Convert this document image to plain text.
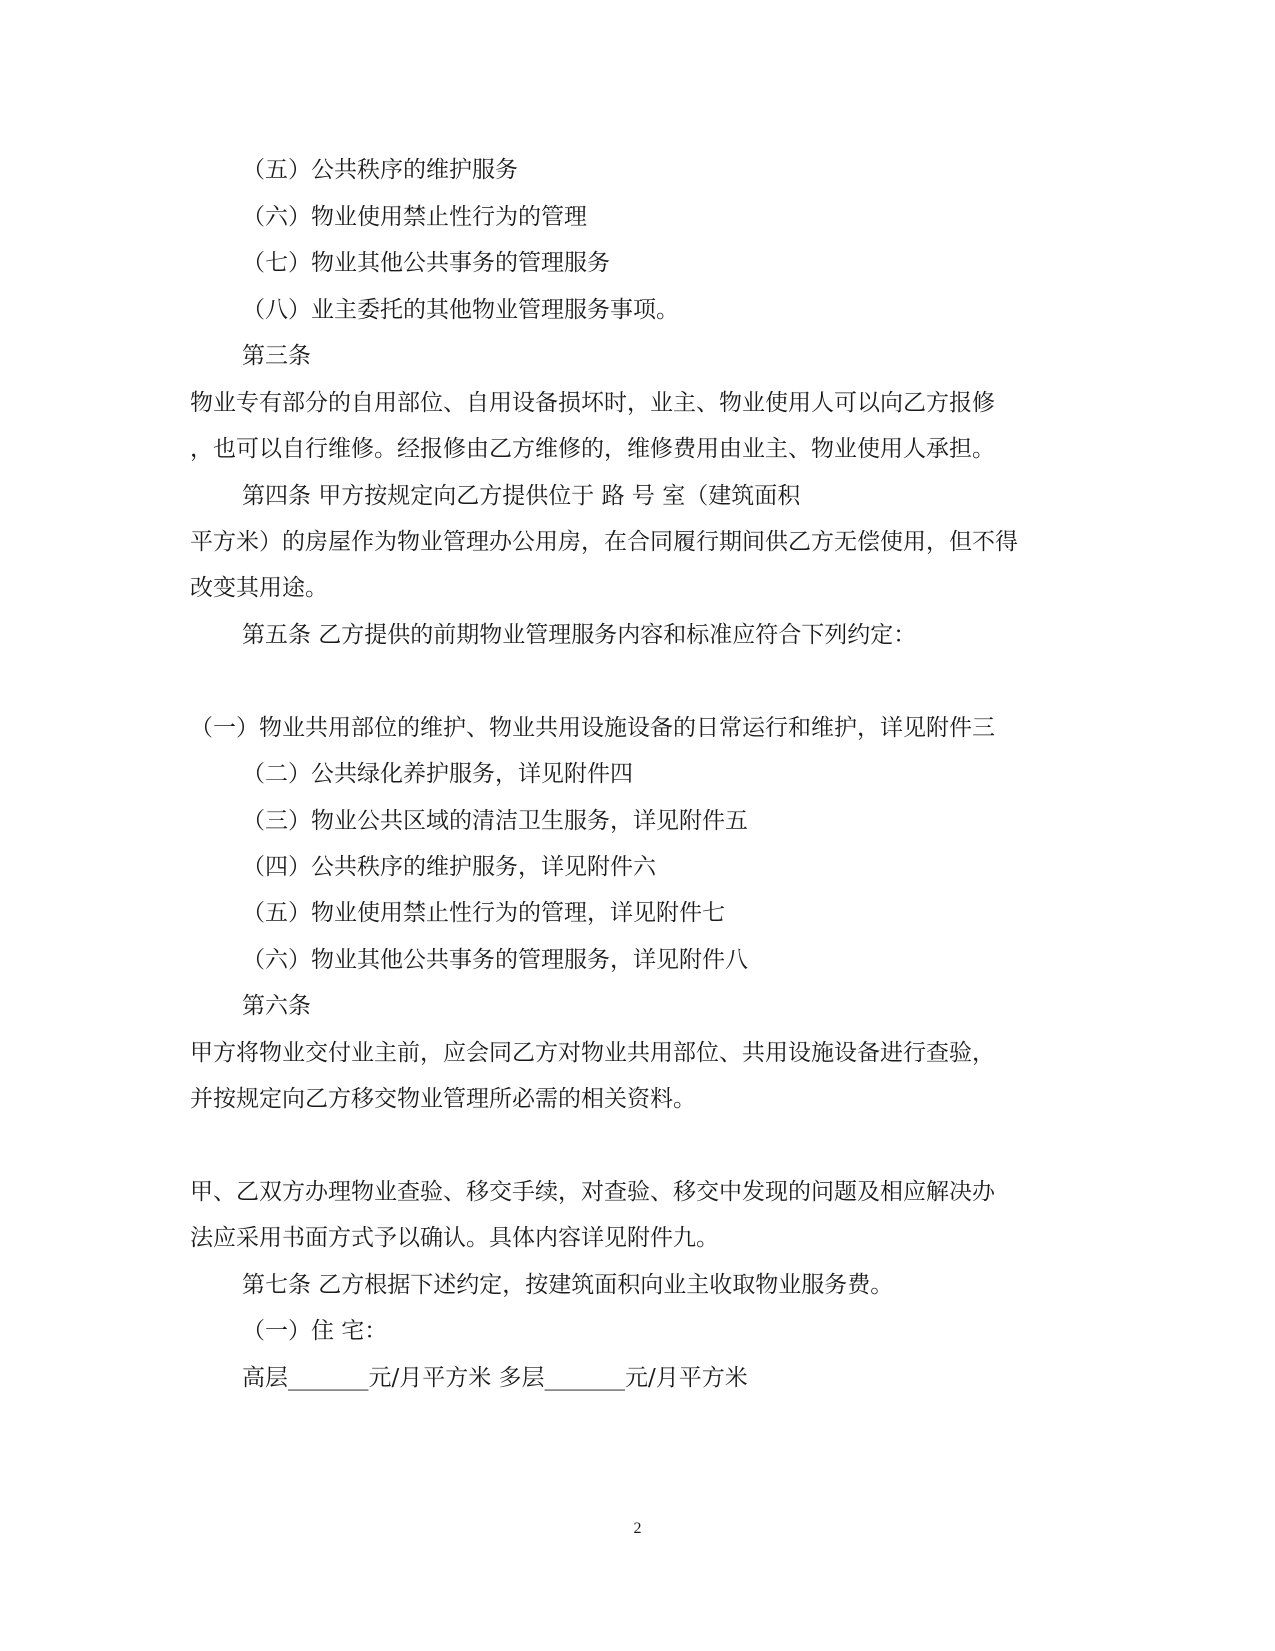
（五）公共秩序的维护服务
（六）物业使用禁止性行为的管理
（七）物业其他公共事务的管理服务
（八）业主委托的其他物业管理服务事项。
第三条
物业专有部分的自用部位、自用设备损坏时，业主、物业使用人可以向乙方报修
，也可以自行维修。经报修由乙方维修的，维修费用由业主、物业使用人承担。
第四条 甲方按规定向乙方提供位于 路 号 室（建筑面积
平方米）的房屋作为物业管理办公用房，在合同履行期间供乙方无偿使用，但不得
改变其用途。
第五条 乙方提供的前期物业管理服务内容和标准应符合下列约定：
（一）物业共用部位的维护、物业共用设施设备的日常运行和维护，详见附件三
（二）公共绿化养护服务，详见附件四
（三）物业公共区域的清洁卫生服务，详见附件五
（四）公共秩序的维护服务，详见附件六
（五）物业使用禁止性行为的管理，详见附件七
（六）物业其他公共事务的管理服务，详见附件八
第六条
甲方将物业交付业主前，应会同乙方对物业共用部位、共用设施设备进行查验，
并按规定向乙方移交物业管理所必需的相关资料。
甲、乙双方办理物业查验、移交手续，对查验、移交中发现的问题及相应解决办
法应采用书面方式予以确认。具体内容详见附件九。
第七条 乙方根据下述约定，按建筑面积向业主收取物业服务费。
（一）住 宅：
高层_______元/月平方米 多层_______元/月平方米
2
